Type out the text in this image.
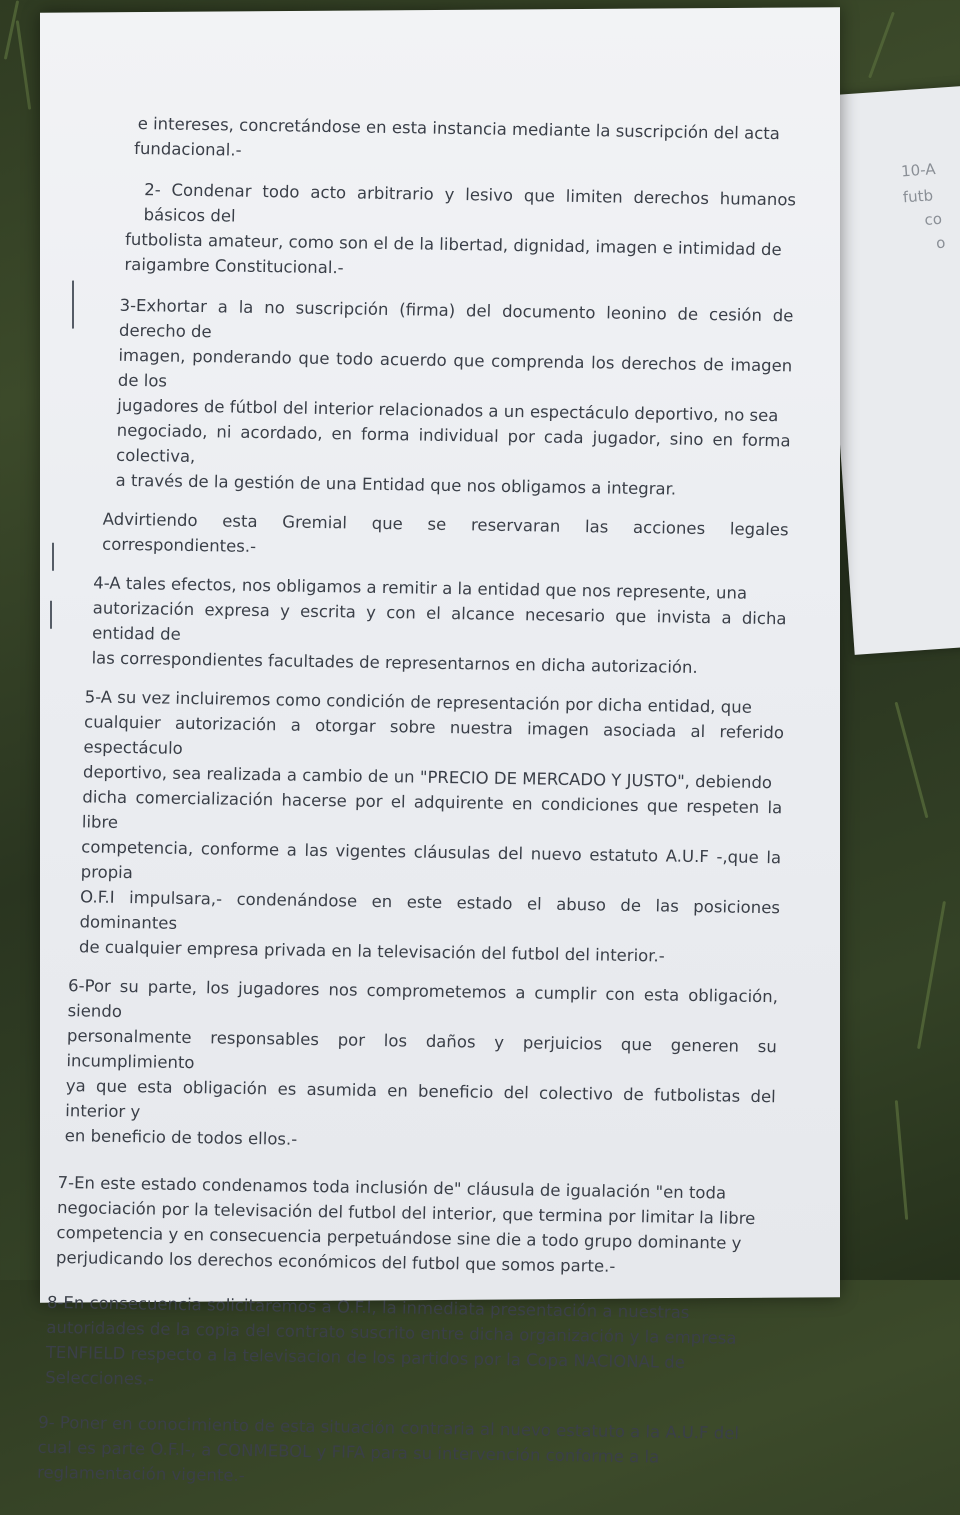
10-A
futb
co
o
e intereses, concretándose en esta instancia mediante la suscripción del acta
fundacional.-
2- Condenar todo acto arbitrario y lesivo que limiten derechos humanos básicos del
futbolista amateur, como son el de la libertad, dignidad, imagen e intimidad de
raigambre Constitucional.-
3-Exhortar a la no suscripción (firma) del documento leonino de cesión de derecho de
imagen, ponderando que todo acuerdo que comprenda los derechos de imagen de los
jugadores de fútbol del interior relacionados a un espectáculo deportivo, no sea
negociado, ni acordado, en forma individual por cada jugador, sino en forma colectiva,
a través de la gestión de una Entidad que nos obligamos a integrar.
Advirtiendo esta Gremial que se reservaran las acciones legales correspondientes.-
4-A tales efectos, nos obligamos a remitir a la entidad que nos represente, una
autorización expresa y escrita y con el alcance necesario que invista a dicha entidad de
las correspondientes facultades de representarnos en dicha autorización.
5-A su vez incluiremos como condición de representación por dicha entidad, que
cualquier autorización a otorgar sobre nuestra imagen asociada al referido espectáculo
deportivo, sea realizada a cambio de un "PRECIO DE MERCADO Y JUSTO", debiendo
dicha comercialización hacerse por el adquirente en condiciones que respeten la libre
competencia, conforme a las vigentes cláusulas del nuevo estatuto A.U.F -,que la propia
O.F.I impulsara,- condenándose en este estado el abuso de las posiciones dominantes
de cualquier empresa privada en la televisación del futbol del interior.-
6-Por su parte, los jugadores nos comprometemos a cumplir con esta obligación, siendo
personalmente responsables por los daños y perjuicios que generen su incumplimiento
ya que esta obligación es asumida en beneficio del colectivo de futbolistas del interior y
en beneficio de todos ellos.-
7-En este estado condenamos toda inclusión de" cláusula de igualación "en toda
negociación por la televisación del futbol del interior, que termina por limitar la libre
competencia y en consecuencia perpetuándose sine die a todo grupo dominante y
perjudicando los derechos económicos del futbol que somos parte.-
8-En consecuencia solicitaremos a O.F.I, la inmediata presentación a nuestras
autoridades de la copia del contrato suscrito entre dicha organización y la empresa
TENFIELD respecto a la televisacion de los partidos por la Copa NACIONAL de
Selecciones.-
9- Poner en conocimiento de esta situación contraria al nuevo estatuto a la A.U.F del
cual es parte O.F.I-, a CONMEBOL y FIFA para su intervención conforme a la
reglamentación vigente.-
